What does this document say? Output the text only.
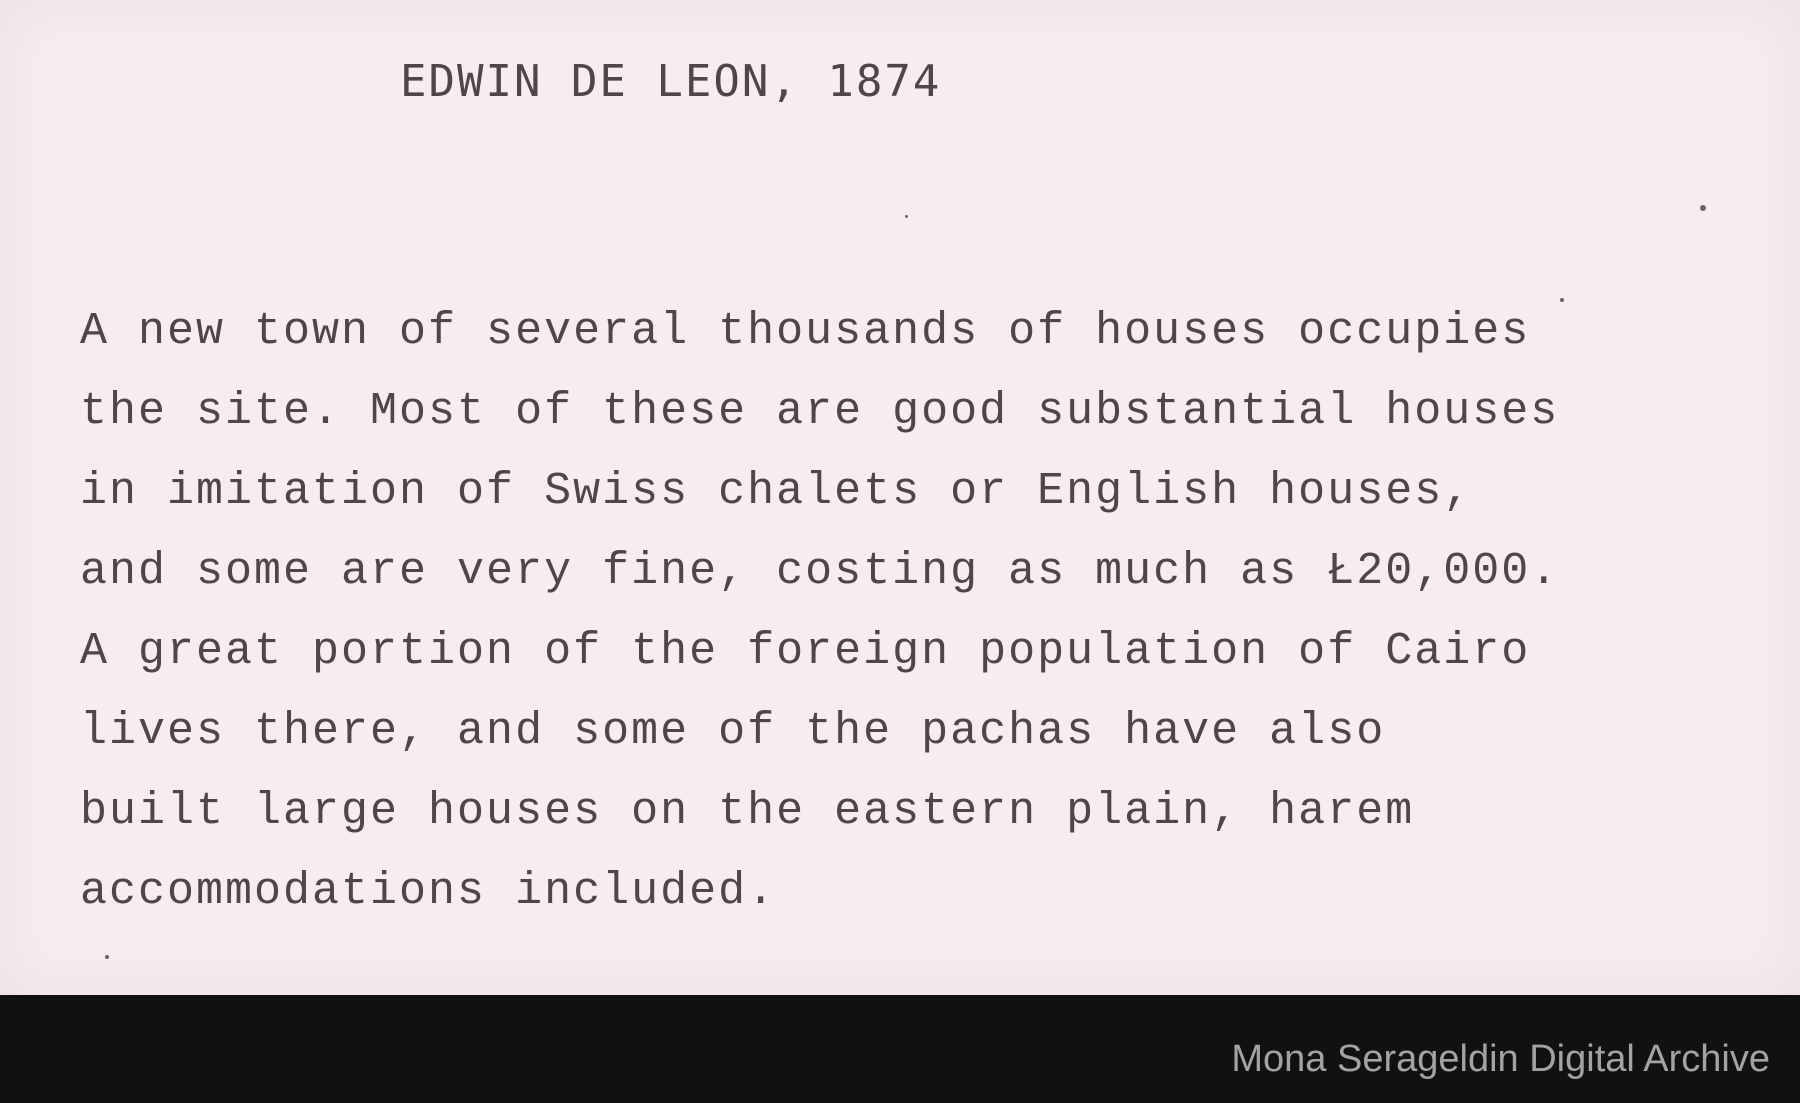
EDWIN DE LEON, 1874

A new town of several thousands of houses occupies
the site. Most of these are good substantial houses
in imitation of Swiss chalets or English houses,
and some are very fine, costing as much as Ł20,000.
A great portion of the foreign population of Cairo
lives there, and some of the pachas have also
built large houses on the eastern plain, harem
accommodations included.

Mona Serageldin Digital Archive
